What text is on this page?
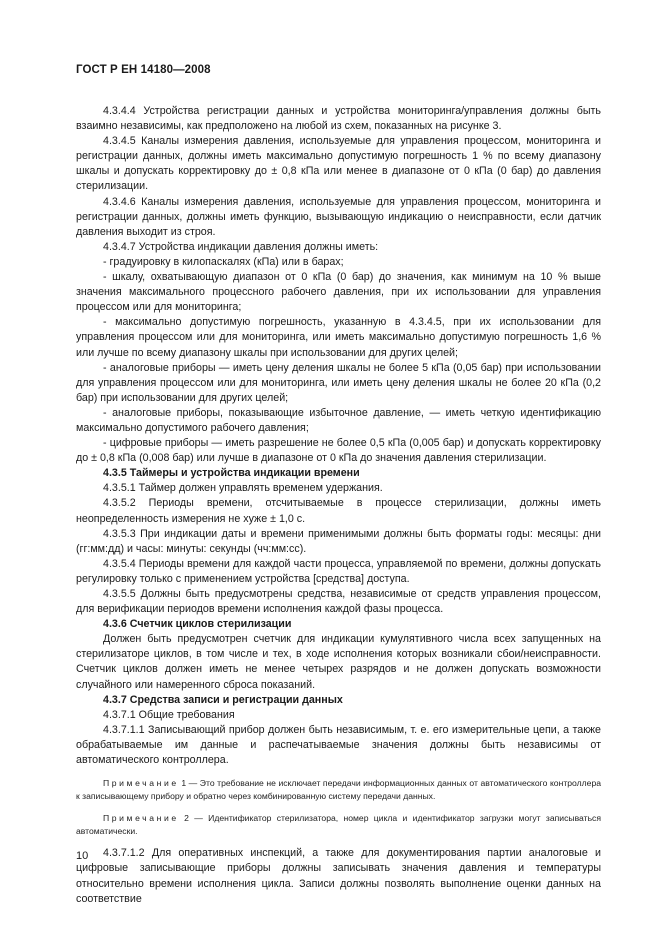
ГОСТ Р ЕН 14180—2008

4.3.4.4 Устройства регистрации данных и устройства мониторинга/управления должны быть взаимно независимы, как предположено на любой из схем, показанных на рисунке 3.

4.3.4.5 Каналы измерения давления, используемые для управления процессом, мониторинга и регистрации данных, должны иметь максимально допустимую погрешность 1 % по всему диапазону шкалы и допускать корректировку до ± 0,8 кПа или менее в диапазоне от 0 кПа (0 бар) до давления стерилизации.

4.3.4.6 Каналы измерения давления, используемые для управления процессом, мониторинга и регистрации данных, должны иметь функцию, вызывающую индикацию о неисправности, если датчик давления выходит из строя.

4.3.4.7 Устройства индикации давления должны иметь:

- градуировку в килопаскалях (кПа) или в барах;

- шкалу, охватывающую диапазон от 0 кПа (0 бар) до значения, как минимум на 10 % выше значения максимального процессного рабочего давления, при их использовании для управления процессом или для мониторинга;

- максимально допустимую погрешность, указанную в 4.3.4.5, при их использовании для управления процессом или для мониторинга, или иметь максимально допустимую погрешность 1,6 % или лучше по всему диапазону шкалы при использовании для других целей;

- аналоговые приборы — иметь цену деления шкалы не более 5 кПа (0,05 бар) при использовании для управления процессом или для мониторинга, или иметь цену деления шкалы не более 20 кПа (0,2 бар) при использовании для других целей;

- аналоговые приборы, показывающие избыточное давление, — иметь четкую идентификацию максимально допустимого рабочего давления;

- цифровые приборы — иметь разрешение не более 0,5 кПа (0,005 бар) и допускать корректировку до ± 0,8 кПа (0,008 бар) или лучше в диапазоне от 0 кПа до значения давления стерилизации.

4.3.5 Таймеры и устройства индикации времени

4.3.5.1 Таймер должен управлять временем удержания.

4.3.5.2 Периоды времени, отсчитываемые в процессе стерилизации, должны иметь неопределенность измерения не хуже ± 1,0 с.

4.3.5.3 При индикации даты и времени применимыми должны быть форматы годы: месяцы: дни (гг:мм:дд) и часы: минуты: секунды (чч:мм:сс).

4.3.5.4 Периоды времени для каждой части процесса, управляемой по времени, должны допускать регулировку только с применением устройства [средства] доступа.

4.3.5.5 Должны быть предусмотрены средства, независимые от средств управления процессом, для верификации периодов времени исполнения каждой фазы процесса.

4.3.6 Счетчик циклов стерилизации

Должен быть предусмотрен счетчик для индикации кумулятивного числа всех запущенных на стерилизаторе циклов, в том числе и тех, в ходе исполнения которых возникали сбои/неисправности. Счетчик циклов должен иметь не менее четырех разрядов и не должен допускать возможности случайного или намеренного сброса показаний.

4.3.7 Средства записи и регистрации данных

4.3.7.1 Общие требования

4.3.7.1.1 Записывающий прибор должен быть независимым, т. е. его измерительные цепи, а также обрабатываемые им данные и распечатываемые значения должны быть независимы от автоматического контроллера.

Примечание 1 — Это требование не исключает передачи информационных данных от автоматического контроллера к записывающему прибору и обратно через комбинированную систему передачи данных.

Примечание 2 — Идентификатор стерилизатора, номер цикла и идентификатор загрузки могут записываться автоматически.

4.3.7.1.2 Для оперативных инспекций, а также для документирования партии аналоговые и цифровые записывающие приборы должны записывать значения давления и температуры относительно времени исполнения цикла. Записи должны позволять выполнение оценки данных на соответствие

10
